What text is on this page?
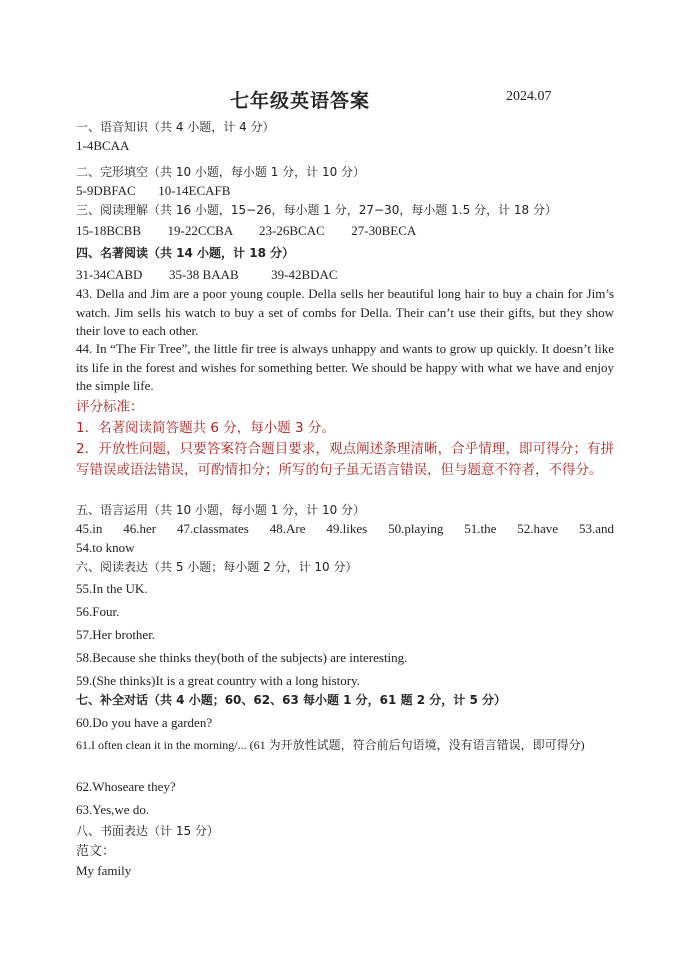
七年级英语答案	2024.07
一、语音知识（共 4 小题，计 4 分）
1-4BCAA
二、完形填空（共 10 小题，每小题 1 分，计 10 分）
5-9DBFAC 10-14ECAFB
三、阅读理解（共 16 小题，15−26，每小题 1 分，27−30，每小题 1.5 分，计 18 分）
15-18BCBB 19-22CCBA 23-26BCAC 27-30BECA
四、名著阅读（共 14 小题，计 18 分）
31-34CABD 35-38 BAAB	39-42BDAC
43. Della and Jim are a poor young couple. Della sells her beautiful long hair to buy a chain for Jim’s watch. Jim sells his watch to buy a set of combs for Della. Their can’t use their gifts, but they show their love to each other.
44. In “The Fir Tree”, the little fir tree is always unhappy and wants to grow up quickly. It doesn’t like its life in the forest and wishes for something better. We should be happy with what we have and enjoy the simple life.
评分标准：
1．名著阅读简答题共 6 分，每小题 3 分。
2．开放性问题，只要答案符合题目要求，观点阐述条理清晰，合乎情理，即可得分；有拼写错误或语法错误，可酌情扣分；所写的句子虽无语言错误，但与题意不符者，不得分。
五、语言运用（共 10 小题，每小题 1 分，计 10 分）
45.in 46.her 47.classmates 48.Are 49.likes 50.playing 51.the 52.have 53.and
54.to know
六、阅读表达（共 5 小题；每小题 2 分，计 10 分）
55.In the UK.
56.Four.
57.Her brother.
58.Because she thinks they(both of the subjects) are interesting.
59.(She thinks)It is a great country with a long history.
七、补全对话（共 4 小题；60、62、63 每小题 1 分，61 题 2 分，计 5 分）
60.Do you have a garden?
61.I often clean it in the morning/... (61 为开放性试题，符合前后句语境，没有语言错误，即可得分)
62.Whoseare they?
63.Yes,we do.
八、书面表达（计 15 分）
范文：
My family
